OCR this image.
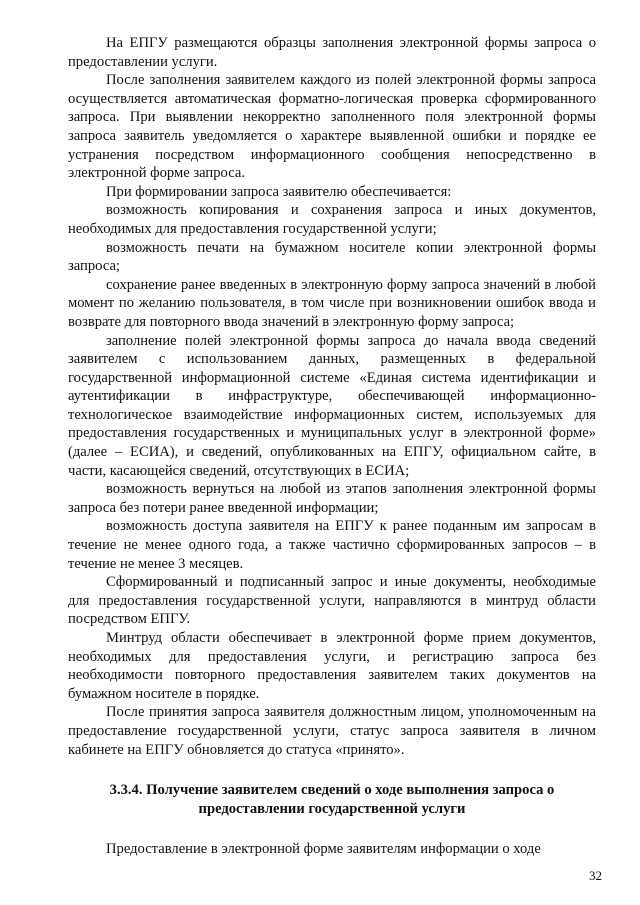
На ЕПГУ размещаются образцы заполнения электронной формы запроса о предоставлении услуги.

После заполнения заявителем каждого из полей электронной формы запроса осуществляется автоматическая форматно-логическая проверка сформированного запроса. При выявлении некорректно заполненного поля электронной формы запроса заявитель уведомляется о характере выявленной ошибки и порядке ее устранения посредством информационного сообщения непосредственно в электронной форме запроса.

При формировании запроса заявителю обеспечивается:

возможность копирования и сохранения запроса и иных документов, необходимых для предоставления государственной услуги;

возможность печати на бумажном носителе копии электронной формы запроса;

сохранение ранее введенных в электронную форму запроса значений в любой момент по желанию пользователя, в том числе при возникновении ошибок ввода и возврате для повторного ввода значений в электронную форму запроса;

заполнение полей электронной формы запроса до начала ввода сведений заявителем с использованием данных, размещенных в федеральной государственной информационной системе «Единая система идентификации и аутентификации в инфраструктуре, обеспечивающей информационно-технологическое взаимодействие информационных систем, используемых для предоставления государственных и муниципальных услуг в электронной форме» (далее – ЕСИА), и сведений, опубликованных на ЕПГУ, официальном сайте, в части, касающейся сведений, отсутствующих в ЕСИА;

возможность вернуться на любой из этапов заполнения электронной формы запроса без потери ранее введенной информации;

возможность доступа заявителя на ЕПГУ к ранее поданным им запросам в течение не менее одного года, а также частично сформированных запросов – в течение не менее 3 месяцев.

Сформированный и подписанный запрос и иные документы, необходимые для предоставления государственной услуги, направляются в минтруд области посредством ЕПГУ.

Минтруд области обеспечивает в электронной форме прием документов, необходимых для предоставления услуги, и регистрацию запроса без необходимости повторного предоставления заявителем таких документов на бумажном носителе в порядке.

После принятия запроса заявителя должностным лицом, уполномоченным на предоставление государственной услуги, статус запроса заявителя в личном кабинете на ЕПГУ обновляется до статуса «принято».

3.3.4. Получение заявителем сведений о ходе выполнения запроса о предоставлении государственной услуги

Предоставление в электронной форме заявителям информации о ходе

32
